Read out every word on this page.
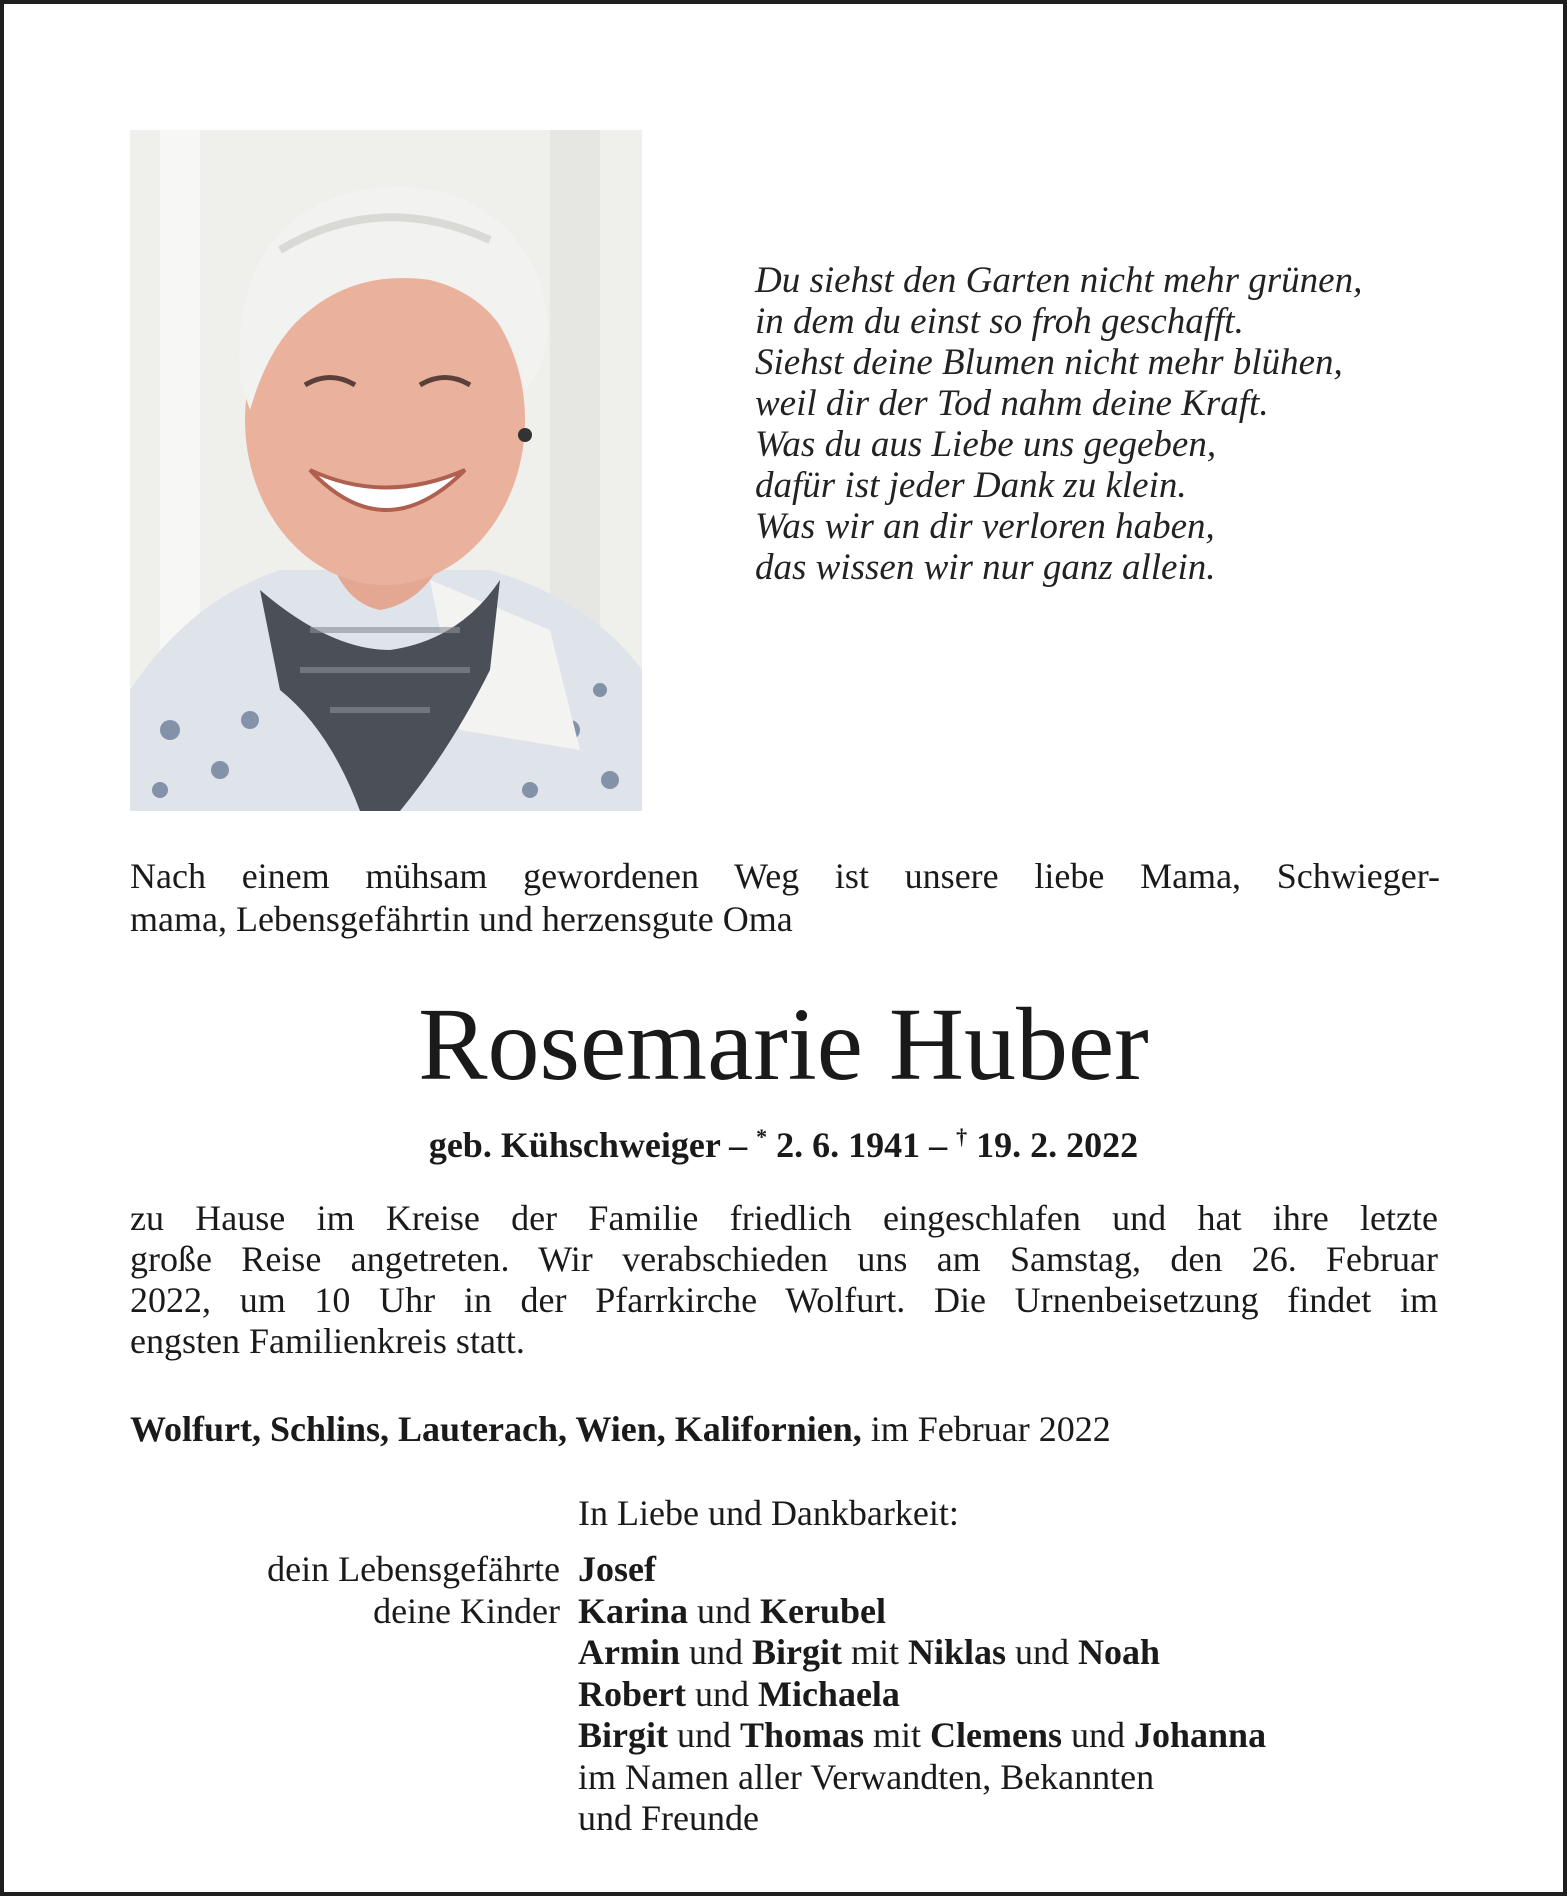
Du siehst den Garten nicht mehr grünen,
in dem du einst so froh geschafft.
Siehst deine Blumen nicht mehr blühen,
weil dir der Tod nahm deine Kraft.
Was du aus Liebe uns gegeben,
dafür ist jeder Dank zu klein.
Was wir an dir verloren haben,
das wissen wir nur ganz allein.
Nach einem mühsam gewordenen Weg ist unsere liebe Mama, Schwieger-
mama, Lebensgefährtin und herzensgute Oma
Rosemarie Huber
geb. Kühschweiger – * 2. 6. 1941 – † 19. 2. 2022
zu Hause im Kreise der Familie friedlich eingeschlafen und hat ihre letzte
große Reise angetreten. Wir verabschieden uns am Samstag, den 26. Februar
2022, um 10 Uhr in der Pfarrkirche Wolfurt. Die Urnenbeisetzung findet im
engsten Familienkreis statt.
Wolfurt, Schlins, Lauterach, Wien, Kalifornien, im Februar 2022
In Liebe und Dankbarkeit:
dein Lebensgefährte Josef
deine Kinder Karina und Kerubel
Armin und Birgit mit Niklas und Noah
Robert und Michaela
Birgit und Thomas mit Clemens und Johanna
im Namen aller Verwandten, Bekannten
und Freunde
